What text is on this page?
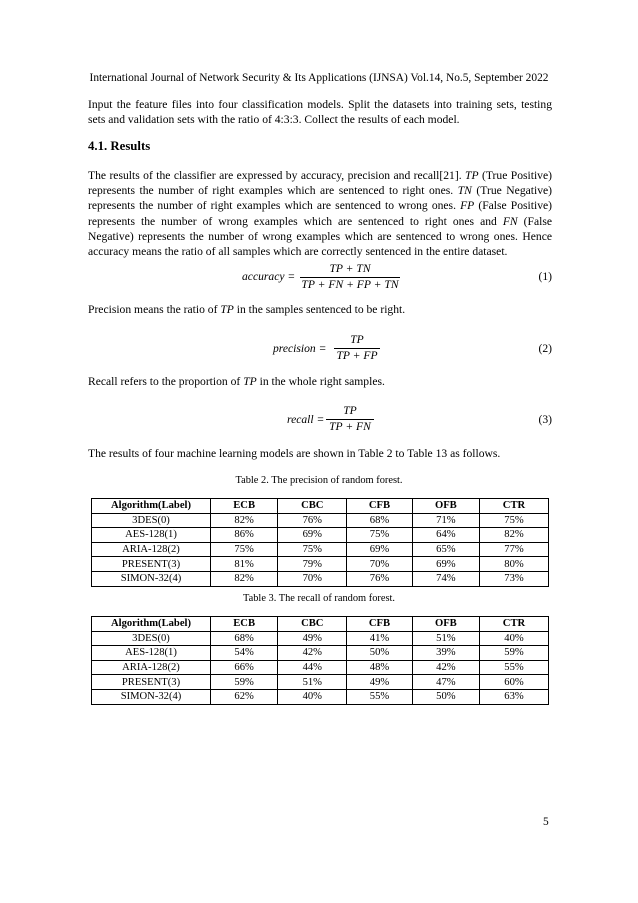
International Journal of Network Security & Its Applications (IJNSA) Vol.14, No.5, September 2022
Input the feature files into four classification models. Split the datasets into training sets, testing sets and validation sets with the ratio of 4:3:3. Collect the results of each model.
4.1. Results
The results of the classifier are expressed by accuracy, precision and recall[21]. TP (True Positive) represents the number of right examples which are sentenced to right ones. TN (True Negative) represents the number of right examples which are sentenced to wrong ones. FP (False Positive) represents the number of wrong examples which are sentenced to right ones and FN (False Negative) represents the number of wrong examples which are sentenced to wrong ones. Hence accuracy means the ratio of all samples which are correctly sentenced in the entire dataset.
accuracy =
TP + TN
TP + FN + FP + TN
(1)
Precision means the ratio of TP in the samples sentenced to be right.
precision =
TP
TP + FP
(2)
Recall refers to the proportion of TP in the whole right samples.
recall =
TP
TP + FN
(3)
The results of four machine learning models are shown in Table 2 to Table 13 as follows.
Table 2. The precision of random forest.
Algorithm(Label)	ECB	CBC	CFB	OFB	CTR
3DES(0)	82%	76%	68%	71%	75%
AES-128(1)	86%	69%	75%	64%	82%
ARIA-128(2)	75%	75%	69%	65%	77%
PRESENT(3)	81%	79%	70%	69%	80%
SIMON-32(4)	82%	70%	76%	74%	73%
Table 3. The recall of random forest.
Algorithm(Label)	ECB	CBC	CFB	OFB	CTR
3DES(0)	68%	49%	41%	51%	40%
AES-128(1)	54%	42%	50%	39%	59%
ARIA-128(2)	66%	44%	48%	42%	55%
PRESENT(3)	59%	51%	49%	47%	60%
SIMON-32(4)	62%	40%	55%	50%	63%
5
